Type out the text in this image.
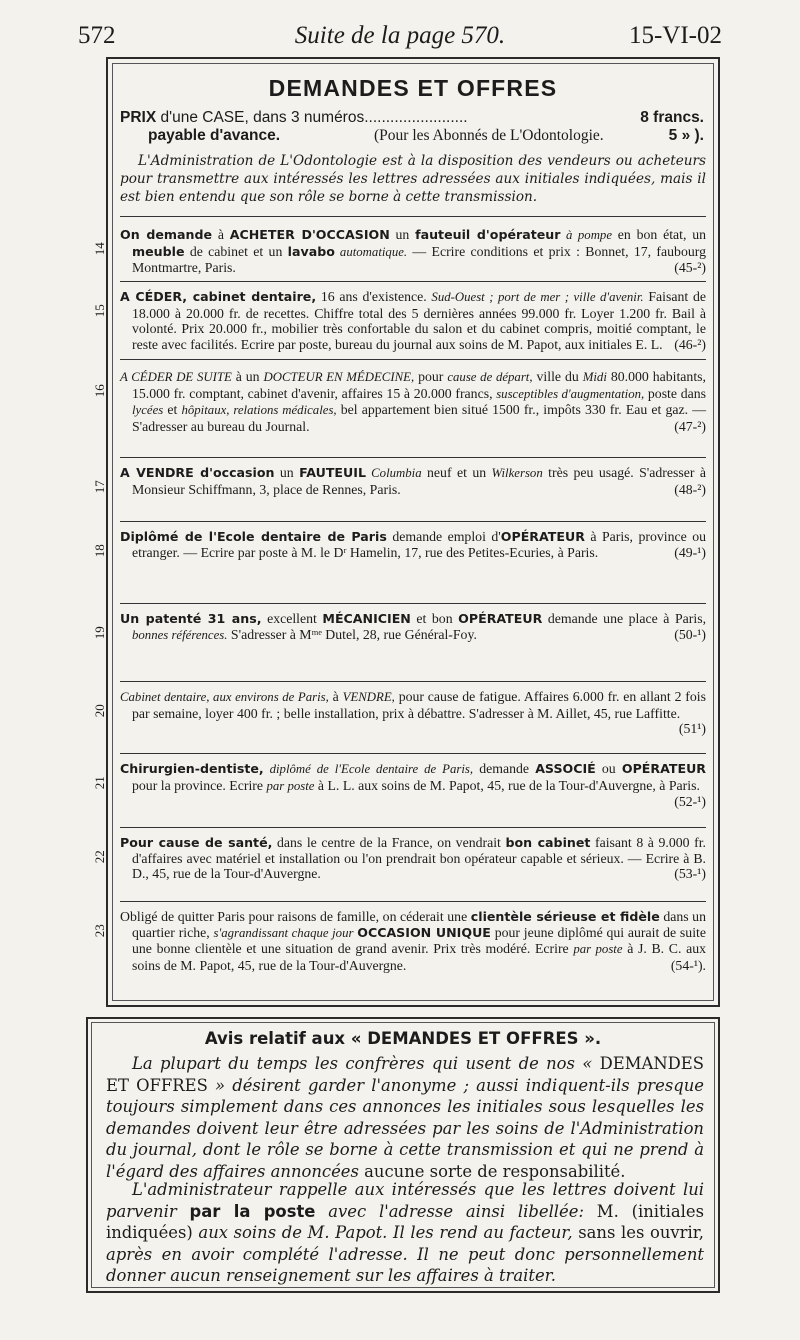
572	Suite de la page 570.	15-VI-02
DEMANDES ET OFFRES
PRIX d'une CASE, dans 3 numéros........................	8 francs.
payable d'avance.	(Pour les Abonnés de L'Odontologie.	5 » ).
L'Administration de L'Odontologie est à la disposition des vendeurs ou acheteurs pour transmettre aux intéressés les lettres adressées aux initiales indiquées, mais il est bien entendu que son rôle se borne à cette transmission.
14
On demande à ACHETER D'OCCASION un fauteuil d'opérateur à pompe en bon état, un meuble de cabinet et un lavabo automatique. — Ecrire conditions et prix : Bonnet, 17, faubourg Montmartre, Paris.	(45-²)
15
A CÉDER, cabinet dentaire, 16 ans d'existence. Sud-Ouest ; port de mer ; ville d'avenir. Faisant de 18.000 à 20.000 fr. de recettes. Chiffre total des 5 dernières années 99.000 fr. Loyer 1.200 fr. Bail à volonté. Prix 20.000 fr., mobilier très confortable du salon et du cabinet compris, moitié comptant, le reste avec facilités. Ecrire par poste, bureau du journal aux soins de M. Papot, aux initiales E. L. (46-²)
16
A CÉDER DE SUITE à un DOCTEUR EN MÉDECINE, pour cause de départ, ville du Midi 80.000 habitants, 15.000 fr. comptant, cabinet d'avenir, affaires 15 à 20.000 francs, susceptibles d'augmentation, poste dans lycées et hôpitaux, relations médicales, bel appartement bien situé 1500 fr., impôts 330 fr. Eau et gaz. — S'adresser au bureau du Journal.	(47-²)
17
A VENDRE d'occasion un FAUTEUIL Columbia neuf et un Wilkerson très peu usagé. S'adresser à Monsieur Schiffmann, 3, place de Rennes, Paris.	(48-²)
18
Diplômé de l'Ecole dentaire de Paris demande emploi d'OPÉRATEUR à Paris, province ou etranger. — Ecrire par poste à M. le Dʳ Hamelin, 17, rue des Petites-Ecuries, à Paris.	(49-¹)
19
Un patenté 31 ans, excellent MÉCANICIEN et bon OPÉRATEUR demande une place à Paris, bonnes références. S'adresser à Mᵐᵉ Dutel, 28, rue Général-Foy.	(50-¹)
20
Cabinet dentaire, aux environs de Paris, à VENDRE, pour cause de fatigue. Affaires 6.000 fr. en allant 2 fois par semaine, loyer 400 fr. ; belle installation, prix à débattre. S'adresser à M. Aillet, 45, rue Laffitte.
(51¹)
21
Chirurgien-dentiste, diplômé de l'Ecole dentaire de Paris, demande ASSOCIÉ ou OPÉRATEUR pour la province. Ecrire par poste à L. L. aux soins de M. Papot, 45, rue de la Tour-d'Auvergne, à Paris.
(52-¹)
22
Pour cause de santé, dans le centre de la France, on vendrait bon cabinet faisant 8 à 9.000 fr. d'affaires avec matériel et installation ou l'on prendrait bon opérateur capable et sérieux. — Ecrire à B. D., 45, rue de la Tour-d'Auvergne.	(53-¹)
23
Obligé de quitter Paris pour raisons de famille, on céderait une clientèle sérieuse et fidèle dans un quartier riche, s'agrandissant chaque jour OCCASION UNIQUE pour jeune diplômé qui aurait de suite une bonne clientèle et une situation de grand avenir. Prix très modéré. Ecrire par poste à J. B. C. aux soins de M. Papot, 45, rue de la Tour-d'Auvergne.	(54-¹).
Avis relatif aux « DEMANDES ET OFFRES ».
La plupart du temps les confrères qui usent de nos « DEMANDES ET OFFRES » désirent garder l'anonyme ; aussi indiquent-ils presque toujours simplement dans ces annonces les initiales sous lesquelles les demandes doivent leur être adressées par les soins de l'Administration du journal, dont le rôle se borne à cette transmission et qui ne prend à l'égard des affaires annoncées aucune sorte de responsabilité.
L'administrateur rappelle aux intéressés que les lettres doivent lui parvenir par la poste avec l'adresse ainsi libellée: M. (initiales indiquées) aux soins de M. Papot. Il les rend au facteur, sans les ouvrir, après en avoir complété l'adresse. Il ne peut donc personnellement donner aucun renseignement sur les affaires à traiter.
